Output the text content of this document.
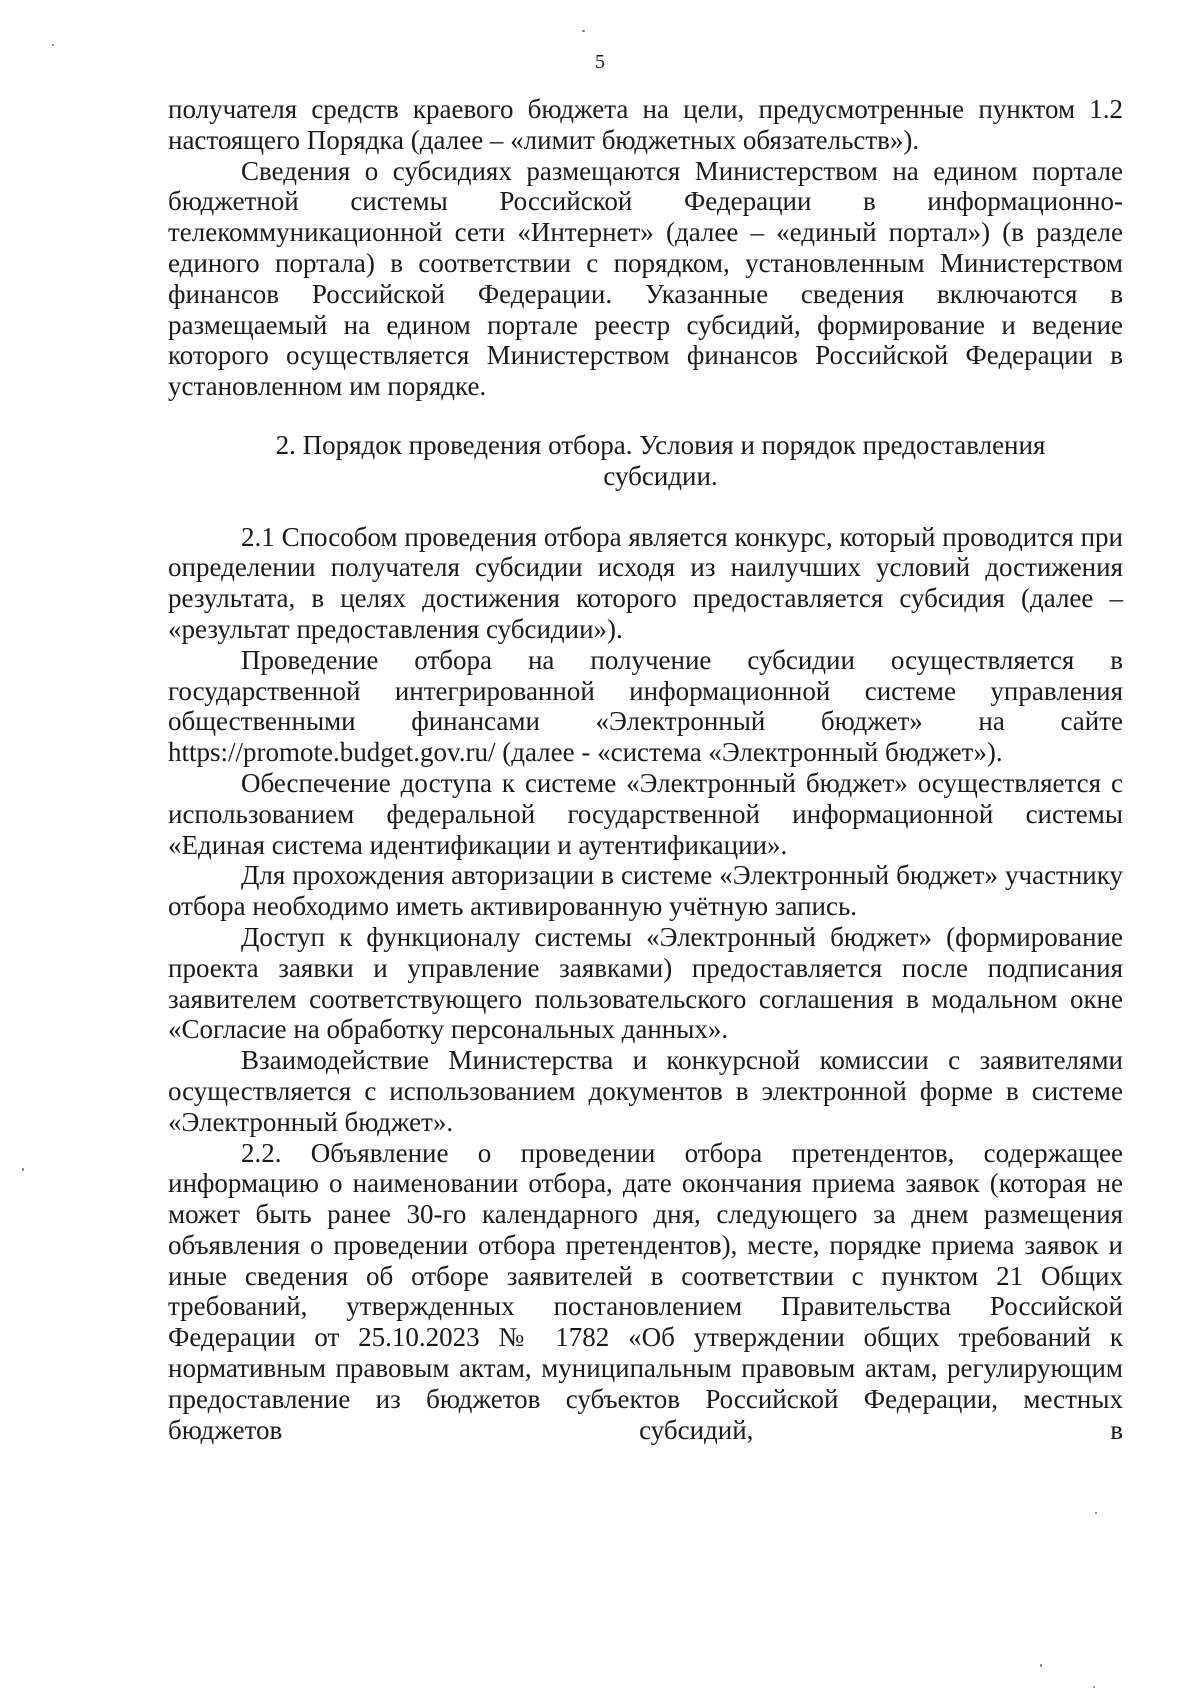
5

получателя средств краевого бюджета на цели, предусмотренные пунктом 1.2 настоящего Порядка (далее – «лимит бюджетных обязательств»).

Сведения о субсидиях размещаются Министерством на едином портале бюджетной системы Российской Федерации в информационно-телекоммуникационной сети «Интернет» (далее – «единый портал») (в разделе единого портала) в соответствии с порядком, установленным Министерством финансов Российской Федерации. Указанные сведения включаются в размещаемый на едином портале реестр субсидий, формирование и ведение которого осуществляется Министерством финансов Российской Федерации в установленном им порядке.

2. Порядок проведения отбора. Условия и порядок предоставления
субсидии.

2.1 Способом проведения отбора является конкурс, который проводится при определении получателя субсидии исходя из наилучших условий достижения результата, в целях достижения которого предоставляется субсидия (далее – «результат предоставления субсидии»).

Проведение отбора на получение субсидии осуществляется в государственной интегрированной информационной системе управления общественными финансами «Электронный бюджет» на сайте https://promote.budget.gov.ru/ (далее - «система «Электронный бюджет»).

Обеспечение доступа к системе «Электронный бюджет» осуществляется с использованием федеральной государственной информационной системы «Единая система идентификации и аутентификации».

Для прохождения авторизации в системе «Электронный бюджет» участнику отбора необходимо иметь активированную учётную запись.

Доступ к функционалу системы «Электронный бюджет» (формирование проекта заявки и управление заявками) предоставляется после подписания заявителем соответствующего пользовательского соглашения в модальном окне «Согласие на обработку персональных данных».

Взаимодействие Министерства и конкурсной комиссии с заявителями осуществляется с использованием документов в электронной форме в системе «Электронный бюджет».

2.2. Объявление о проведении отбора претендентов, содержащее информацию о наименовании отбора, дате окончания приема заявок (которая не может быть ранее 30-го календарного дня, следующего за днем размещения объявления о проведении отбора претендентов), месте, порядке приема заявок и иные сведения об отборе заявителей в соответствии с пунктом 21 Общих требований, утвержденных постановлением Правительства Российской Федерации от 25.10.2023 № 1782 «Об утверждении общих требований к нормативным правовым актам, муниципальным правовым актам, регулирующим предоставление из бюджетов субъектов Российской Федерации, местных бюджетов субсидий, в
